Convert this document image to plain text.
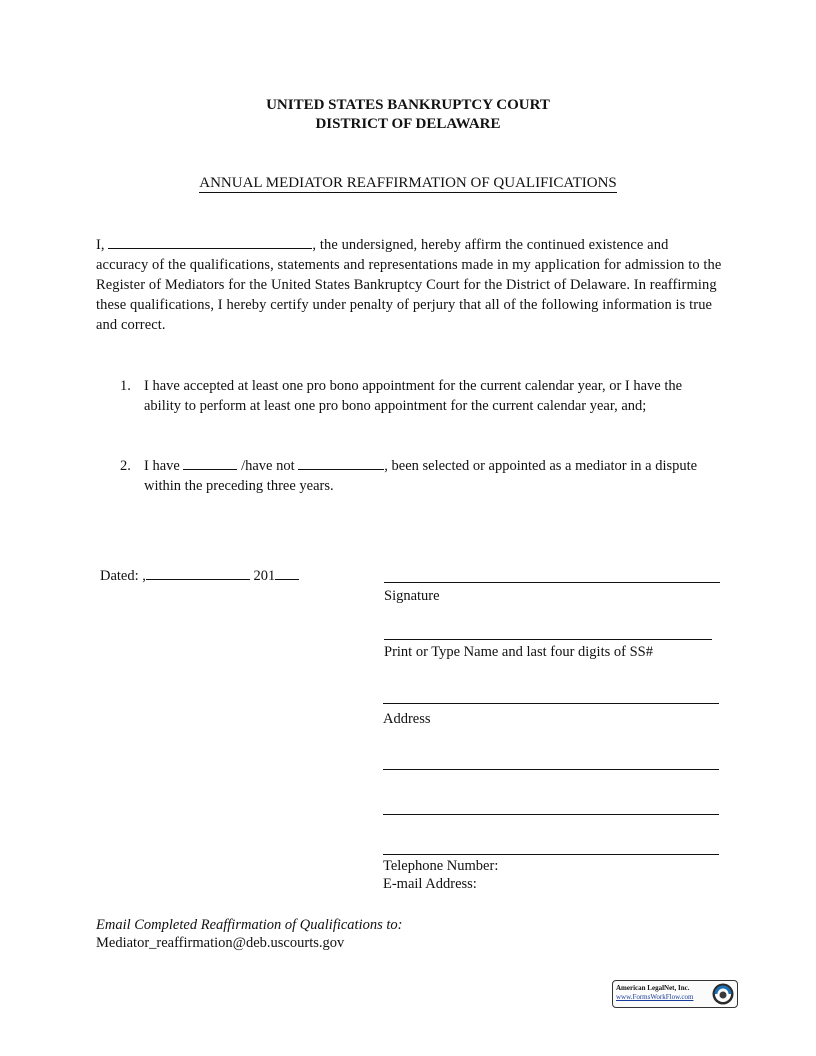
UNITED STATES BANKRUPTCY COURT
DISTRICT OF DELAWARE
ANNUAL MEDIATOR REAFFIRMATION OF QUALIFICATIONS
I,	, the undersigned, hereby affirm the continued existence and accuracy of the qualifications, statements and representations made in my application for admission to the Register of Mediators for the United States Bankruptcy Court for the District of Delaware. In reaffirming these qualifications, I hereby certify under penalty of perjury that all of the following information is true and correct.
1. I have accepted at least one pro bono appointment for the current calendar year, or I have the ability to perform at least one pro bono appointment for the current calendar year, and;
2. I have	/have not	, been selected or appointed as a mediator in a dispute within the preceding three years.
Dated: ,	201
Signature
Print or Type Name and last four digits of SS#
Address
Telephone Number:
E-mail Address:
Email Completed Reaffirmation of Qualifications to:
Mediator_reaffirmation@deb.uscourts.gov
American LegalNet, Inc.
www.FormsWorkFlow.com
